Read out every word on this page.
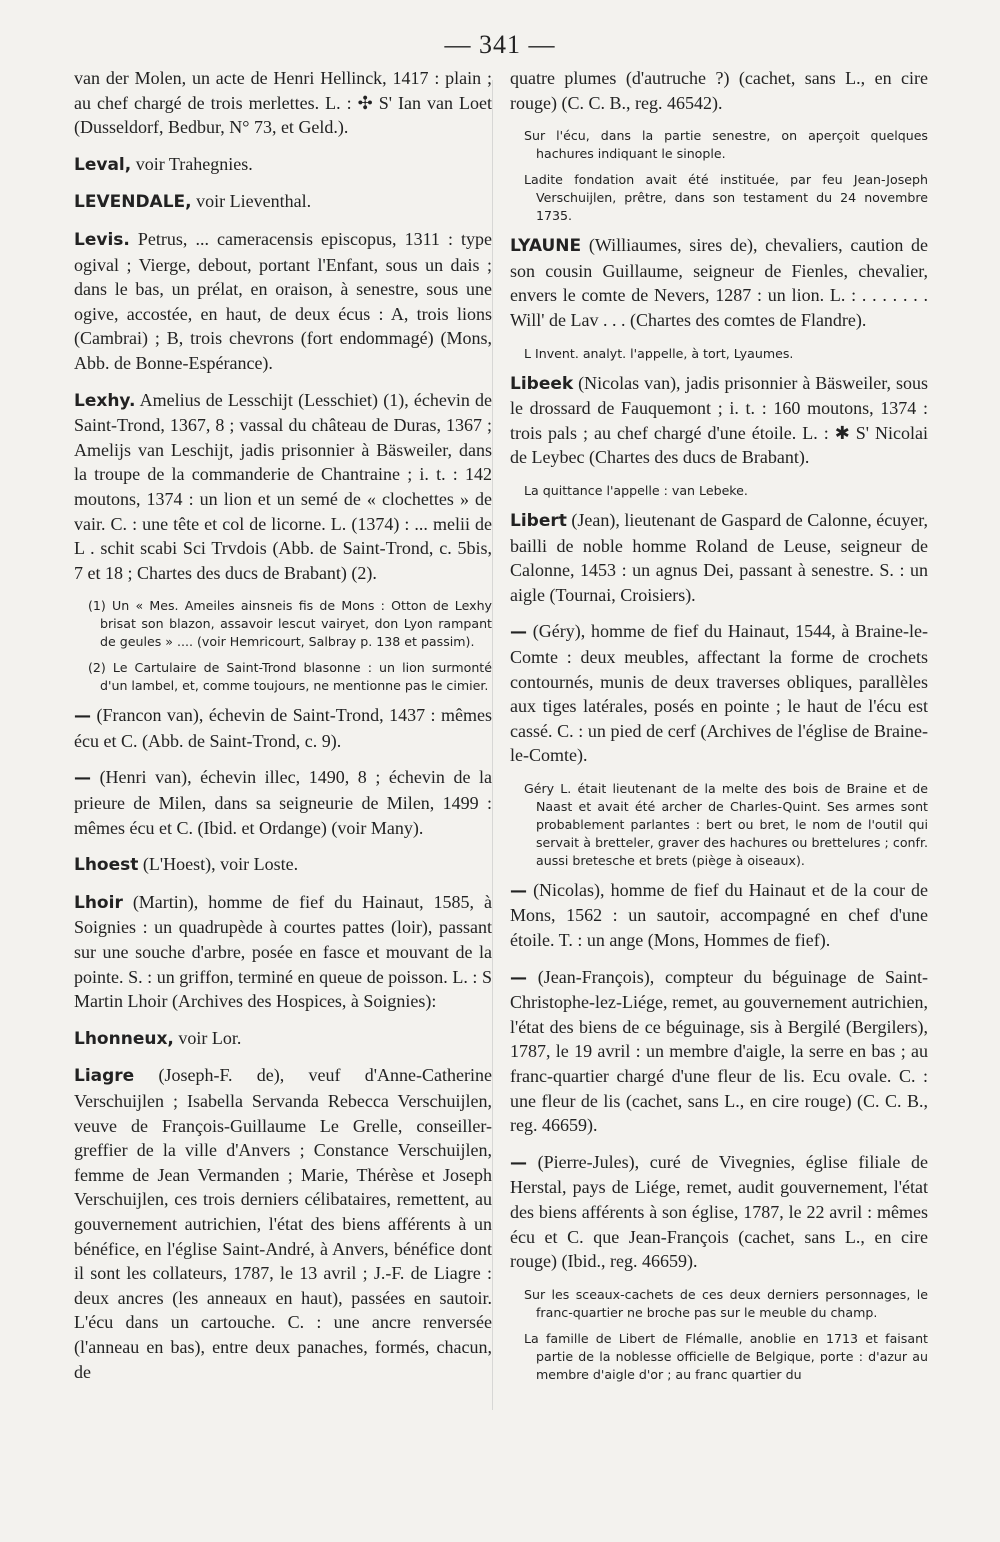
— 341 —

van der Molen, un acte de Henri Hellinck, 1417 : plain ; au chef chargé de trois merlettes. L. : ✣ S' Ian van Loet (Dusseldorf, Bedbur, N° 73, et Geld.).

Leval, voir Trahegnies.

LEVENDALE, voir Lieventhal.

Levis. Petrus, ... cameracensis episcopus, 1311 : type ogival ; Vierge, debout, portant l'Enfant, sous un dais ; dans le bas, un prélat, en oraison, à senestre, sous une ogive, accostée, en haut, de deux écus : A, trois lions (Cambrai) ; B, trois chevrons (fort endommagé) (Mons, Abb. de Bonne-Espérance).

Lexhy. Amelius de Lesschijt (Lesschiet) (1), échevin de Saint-Trond, 1367, 8 ; vassal du château de Duras, 1367 ; Amelijs van Leschijt, jadis prisonnier à Bäsweiler, dans la troupe de la commanderie de Chantraine ; i. t. : 142 moutons, 1374 : un lion et un semé de « clochettes » de vair. C. : une tête et col de licorne. L. (1374) : ... melii de L . schit scabi Sci Trvdois (Abb. de Saint-Trond, c. 5bis, 7 et 18 ; Chartes des ducs de Brabant) (2).

(1) Un « Mes. Ameiles ainsneis fis de Mons : Otton de Lexhy brisat son blazon, assavoir lescut vairyet, don Lyon rampant de geules » .... (voir Hemricourt, Salbray p. 138 et passim).

(2) Le Cartulaire de Saint-Trond blasonne : un lion surmonté d'un lambel, et, comme toujours, ne mentionne pas le cimier.

— (Francon van), échevin de Saint-Trond, 1437 : mêmes écu et C. (Abb. de Saint-Trond, c. 9).

— (Henri van), échevin illec, 1490, 8 ; échevin de la prieure de Milen, dans sa seigneurie de Milen, 1499 : mêmes écu et C. (Ibid. et Ordange) (voir Many).

Lhoest (L'Hoest), voir Loste.

Lhoir (Martin), homme de fief du Hainaut, 1585, à Soignies : un quadrupède à courtes pattes (loir), passant sur une souche d'arbre, posée en fasce et mouvant de la pointe. S. : un griffon, terminé en queue de poisson. L. : S Martin Lhoir (Archives des Hospices, à Soignies):

Lhonneux, voir Lor.

Liagre (Joseph-F. de), veuf d'Anne-Catherine Verschuijlen ; Isabella Servanda Rebecca Verschuijlen, veuve de François-Guillaume Le Grelle, conseiller-greffier de la ville d'Anvers ; Constance Verschuijlen, femme de Jean Vermanden ; Marie, Thérèse et Joseph Verschuijlen, ces trois derniers célibataires, remettent, au gouvernement autrichien, l'état des biens afférents à un bénéfice, en l'église Saint-André, à Anvers, bénéfice dont il sont les collateurs, 1787, le 13 avril ; J.-F. de Liagre : deux ancres (les anneaux en haut), passées en sautoir. L'écu dans un cartouche. C. : une ancre renversée (l'anneau en bas), entre deux panaches, formés, chacun, de

quatre plumes (d'autruche ?) (cachet, sans L., en cire rouge) (C. C. B., reg. 46542).

Sur l'écu, dans la partie senestre, on aperçoit quelques hachures indiquant le sinople.

Ladite fondation avait été instituée, par feu Jean-Joseph Verschuijlen, prêtre, dans son testament du 24 novembre 1735.

LYAUNE (Williaumes, sires de), chevaliers, caution de son cousin Guillaume, seigneur de Fienles, chevalier, envers le comte de Nevers, 1287 : un lion. L. : . . . . . . . Will' de Lav . . . (Chartes des comtes de Flandre).

L Invent. analyt. l'appelle, à tort, Lyaumes.

Libeek (Nicolas van), jadis prisonnier à Bäsweiler, sous le drossard de Fauquemont ; i. t. : 160 moutons, 1374 : trois pals ; au chef chargé d'une étoile. L. : ✱ S' Nicolai de Leybec (Chartes des ducs de Brabant).

La quittance l'appelle : van Lebeke.

Libert (Jean), lieutenant de Gaspard de Calonne, écuyer, bailli de noble homme Roland de Leuse, seigneur de Calonne, 1453 : un agnus Dei, passant à senestre. S. : un aigle (Tournai, Croisiers).

— (Géry), homme de fief du Hainaut, 1544, à Braine-le-Comte : deux meubles, affectant la forme de crochets contournés, munis de deux traverses obliques, parallèles aux tiges latérales, posés en pointe ; le haut de l'écu est cassé. C. : un pied de cerf (Archives de l'église de Braine-le-Comte).

Géry L. était lieutenant de la melte des bois de Braine et de Naast et avait été archer de Charles-Quint. Ses armes sont probablement parlantes : bert ou bret, le nom de l'outil qui servait à bretteler, graver des hachures ou brettelures ; confr. aussi bretesche et brets (piège à oiseaux).

— (Nicolas), homme de fief du Hainaut et de la cour de Mons, 1562 : un sautoir, accompagné en chef d'une étoile. T. : un ange (Mons, Hommes de fief).

— (Jean-François), compteur du béguinage de Saint-Christophe-lez-Liége, remet, au gouvernement autrichien, l'état des biens de ce béguinage, sis à Bergilé (Bergilers), 1787, le 19 avril : un membre d'aigle, la serre en bas ; au franc-quartier chargé d'une fleur de lis. Ecu ovale. C. : une fleur de lis (cachet, sans L., en cire rouge) (C. C. B., reg. 46659).

— (Pierre-Jules), curé de Vivegnies, église filiale de Herstal, pays de Liége, remet, audit gouvernement, l'état des biens afférents à son église, 1787, le 22 avril : mêmes écu et C. que Jean-François (cachet, sans L., en cire rouge) (Ibid., reg. 46659).

Sur les sceaux-cachets de ces deux derniers personnages, le franc-quartier ne broche pas sur le meuble du champ.

La famille de Libert de Flémalle, anoblie en 1713 et faisant partie de la noblesse officielle de Belgique, porte : d'azur au membre d'aigle d'or ; au franc quartier du
